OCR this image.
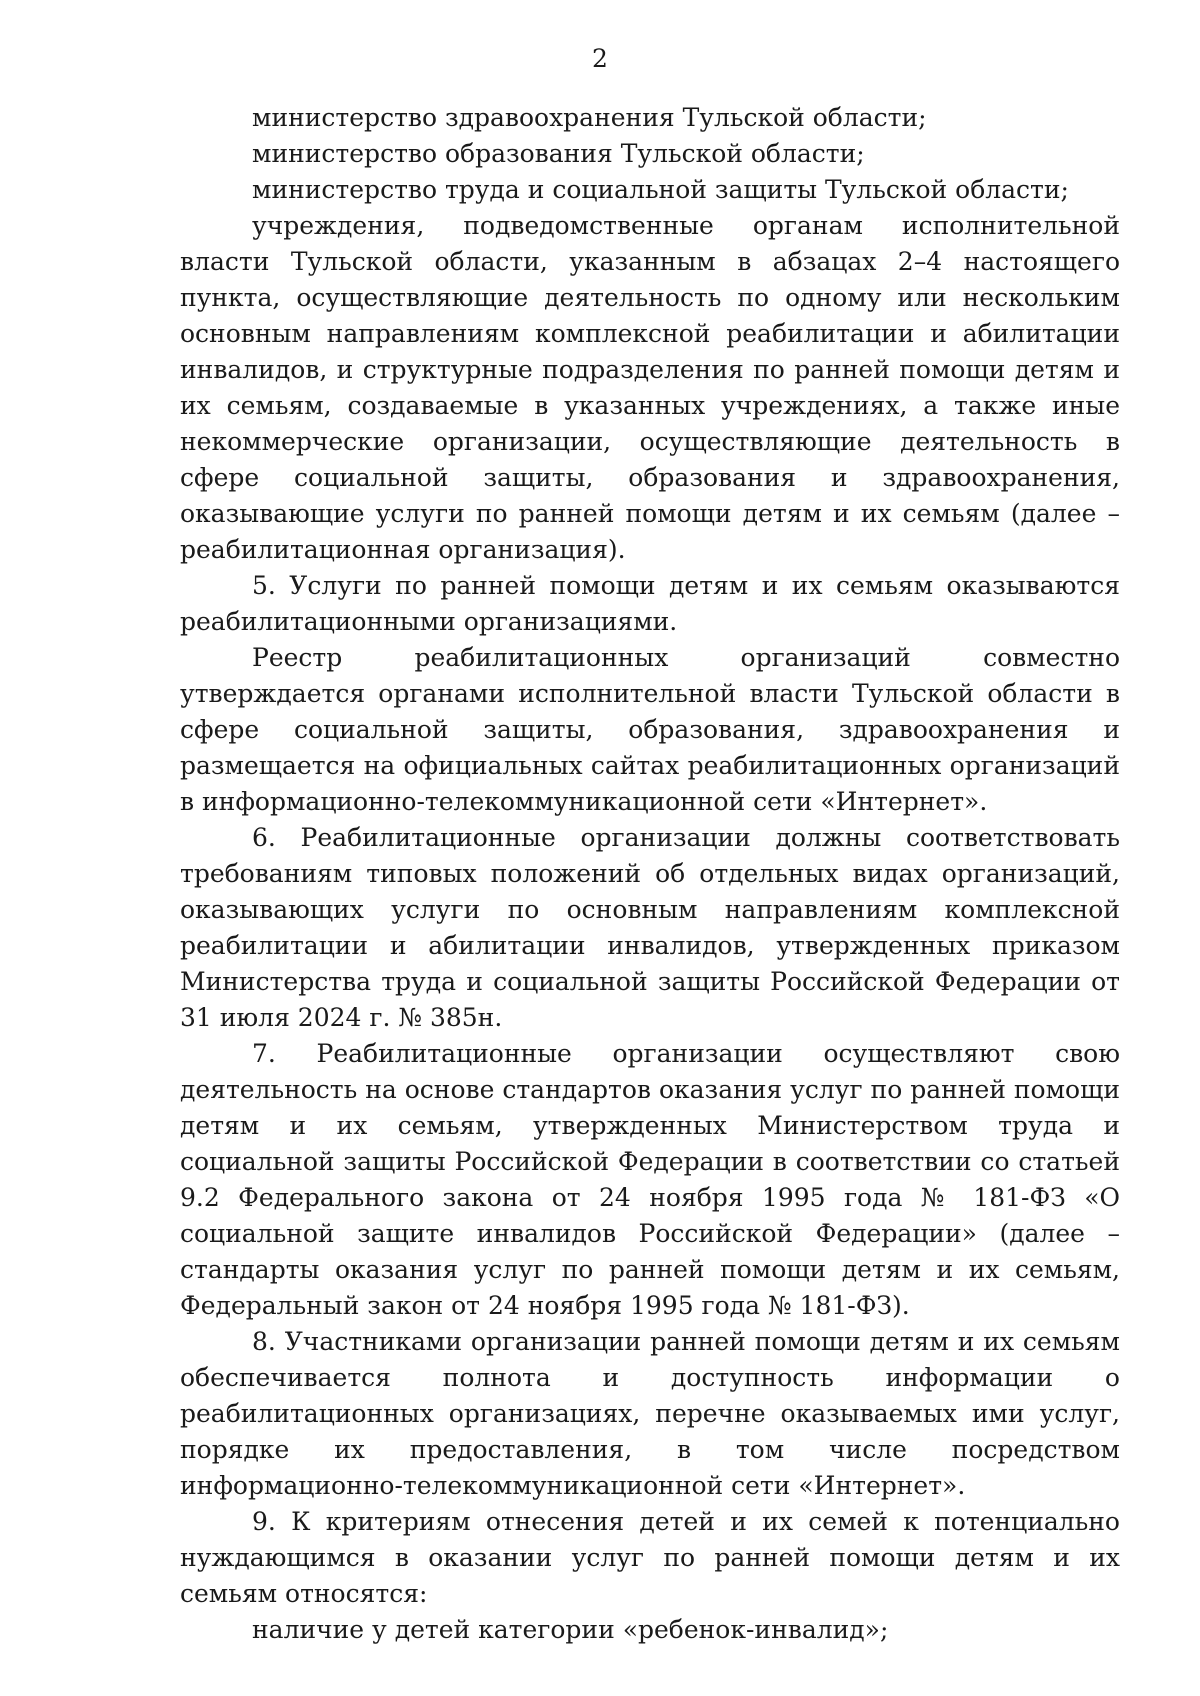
2

министерство здравоохранения Тульской области;

министерство образования Тульской области;

министерство труда и социальной защиты Тульской области;

учреждения, подведомственные органам исполнительной власти Тульской области, указанным в абзацах 2–4 настоящего пункта, осуществляющие деятельность по одному или нескольким основным направлениям комплексной реабилитации и абилитации инвалидов, и структурные подразделения по ранней помощи детям и их семьям, создаваемые в указанных учреждениях, а также иные некоммерческие организации, осуществляющие деятельность в сфере социальной защиты, образования и здравоохранения, оказывающие услуги по ранней помощи детям и их семьям (далее – реабилитационная организация).

5. Услуги по ранней помощи детям и их семьям оказываются реабилитационными организациями.

Реестр реабилитационных организаций совместно утверждается органами исполнительной власти Тульской области в сфере социальной защиты, образования, здравоохранения и размещается на официальных сайтах реабилитационных организаций в информационно-телекоммуникационной сети «Интернет».

6. Реабилитационные организации должны соответствовать требованиям типовых положений об отдельных видах организаций, оказывающих услуги по основным направлениям комплексной реабилитации и абилитации инвалидов, утвержденных приказом Министерства труда и социальной защиты Российской Федерации от 31 июля 2024 г. № 385н.

7. Реабилитационные организации осуществляют свою деятельность на основе стандартов оказания услуг по ранней помощи детям и их семьям, утвержденных Министерством труда и социальной защиты Российской Федерации в соответствии со статьей 9.2 Федерального закона от 24 ноября 1995 года № 181-ФЗ «О социальной защите инвалидов Российской Федерации» (далее – стандарты оказания услуг по ранней помощи детям и их семьям, Федеральный закон от 24 ноября 1995 года № 181-ФЗ).

8. Участниками организации ранней помощи детям и их семьям обеспечивается полнота и доступность информации о реабилитационных организациях, перечне оказываемых ими услуг, порядке их предоставления, в том числе посредством информационно-телекоммуникационной сети «Интернет».

9. К критериям отнесения детей и их семей к потенциально нуждающимся в оказании услуг по ранней помощи детям и их семьям относятся:

наличие у детей категории «ребенок-инвалид»;
